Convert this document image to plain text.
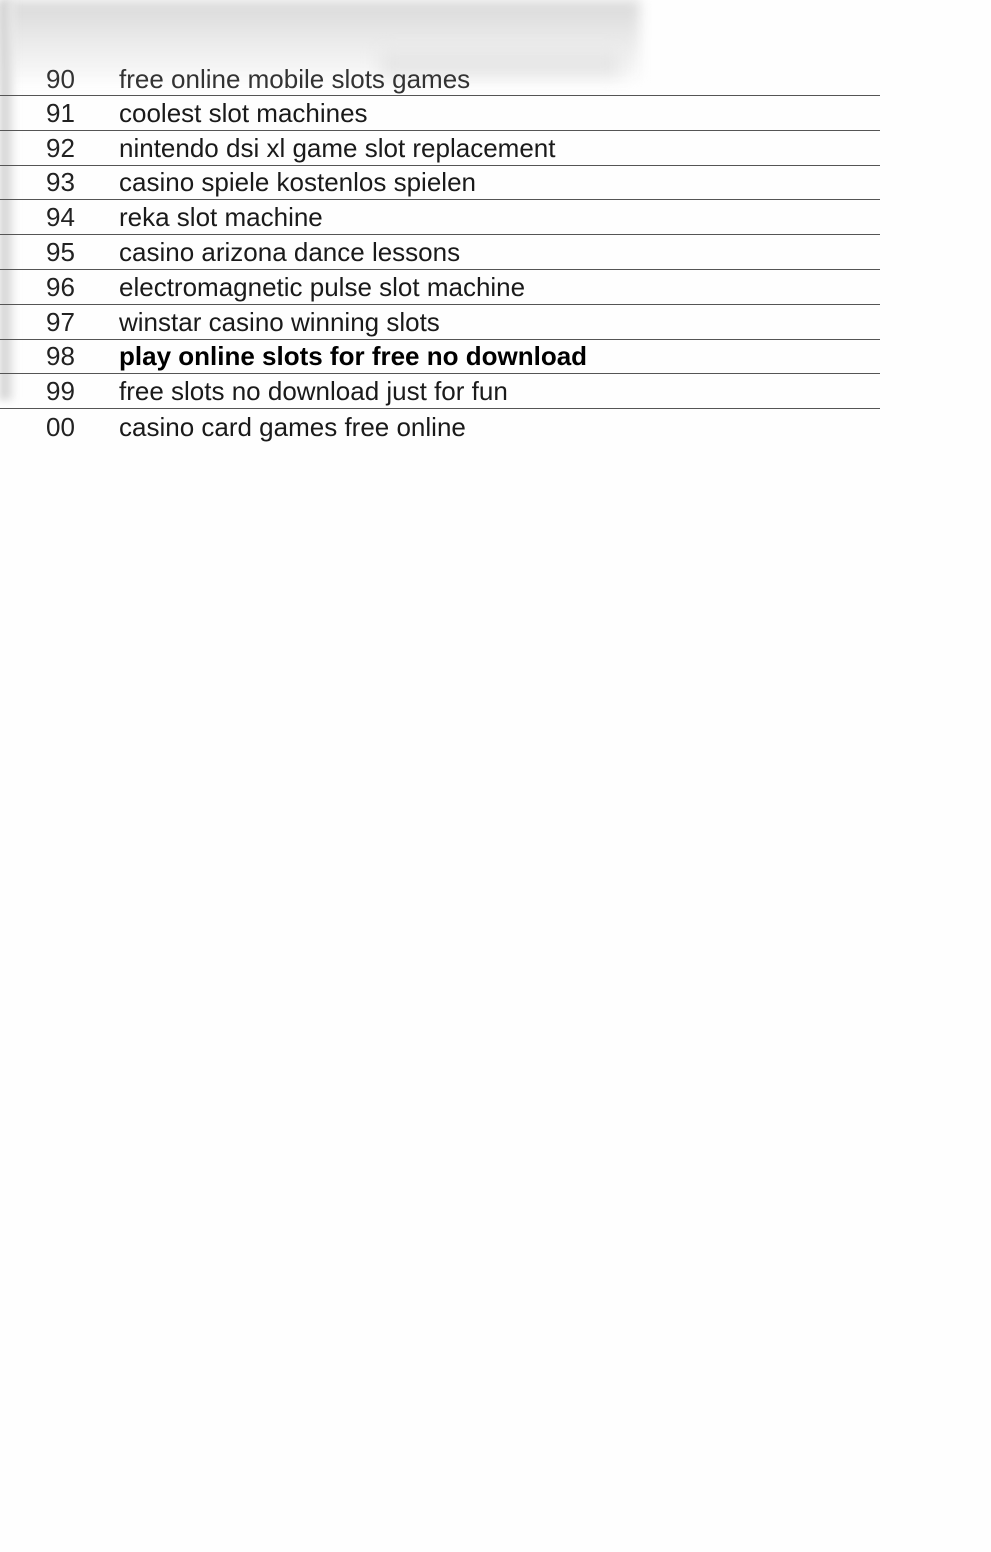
90 free online mobile slots games
91 coolest slot machines
92 nintendo dsi xl game slot replacement
93 casino spiele kostenlos spielen
94 reka slot machine
95 casino arizona dance lessons
96 electromagnetic pulse slot machine
97 winstar casino winning slots
98 play online slots for free no download
99 free slots no download just for fun
00 casino card games free online
